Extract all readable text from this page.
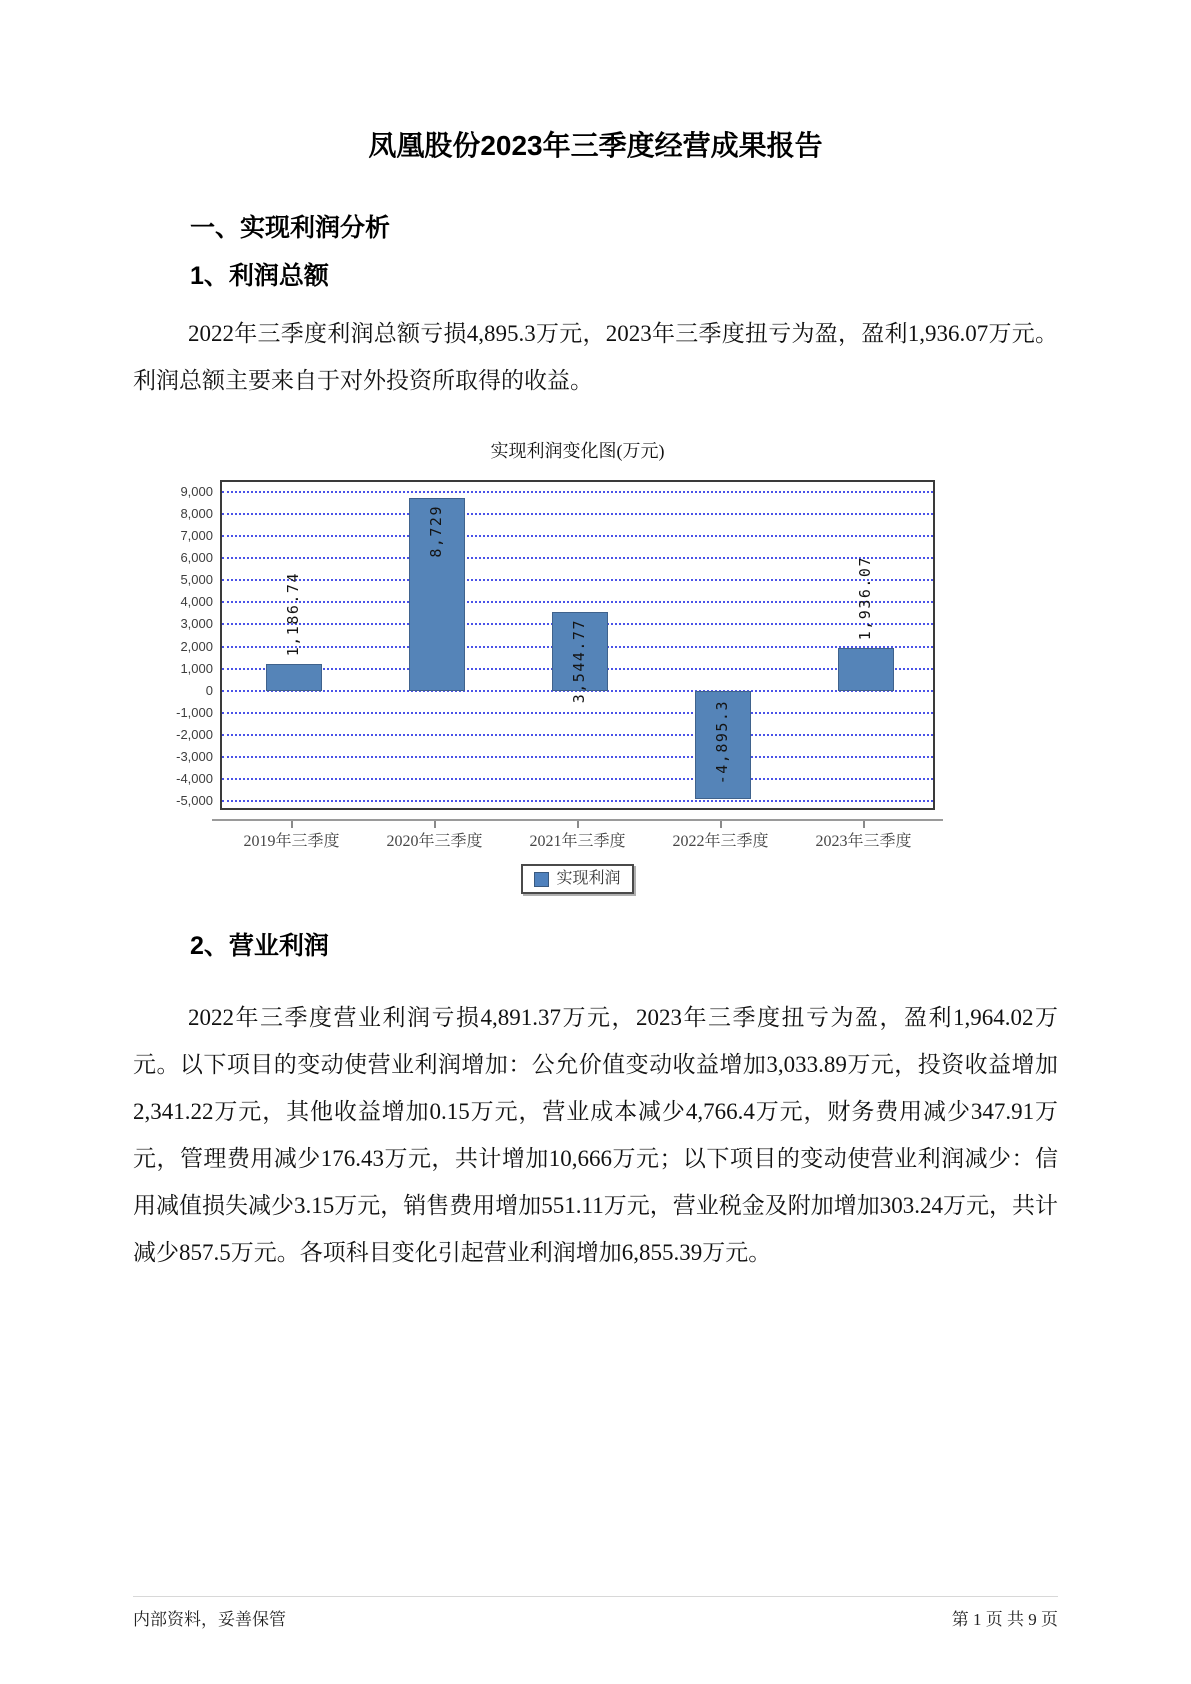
凤凰股份2023年三季度经营成果报告
一、实现利润分析
1、利润总额

2022年三季度利润总额亏损4,895.3万元，2023年三季度扭亏为盈，盈利1,936.07万元。利润总额主要来自于对外投资所取得的收益。

实现利润变化图(万元)
9,000
8,000
7,000
6,000
5,000
4,000
3,000
2,000
1,000
0
-1,000
-2,000
-3,000
-4,000
-5,000
1,186.74
8,729
3,544.77
-4,895.3
1,936.07
2019年三季度	2020年三季度	2021年三季度	2022年三季度	2023年三季度
实现利润
2、营业利润

2022年三季度营业利润亏损4,891.37万元，2023年三季度扭亏为盈，盈利1,964.02万元。以下项目的变动使营业利润增加：公允价值变动收益增加3,033.89万元，投资收益增加2,341.22万元，其他收益增加0.15万元，营业成本减少4,766.4万元，财务费用减少347.91万元，管理费用减少176.43万元，共计增加10,666万元；以下项目的变动使营业利润减少：信用减值损失减少3.15万元，销售费用增加551.11万元，营业税金及附加增加303.24万元，共计减少857.5万元。各项科目变化引起营业利润增加6,855.39万元。

内部资料，妥善保管	第 1 页 共 9 页
